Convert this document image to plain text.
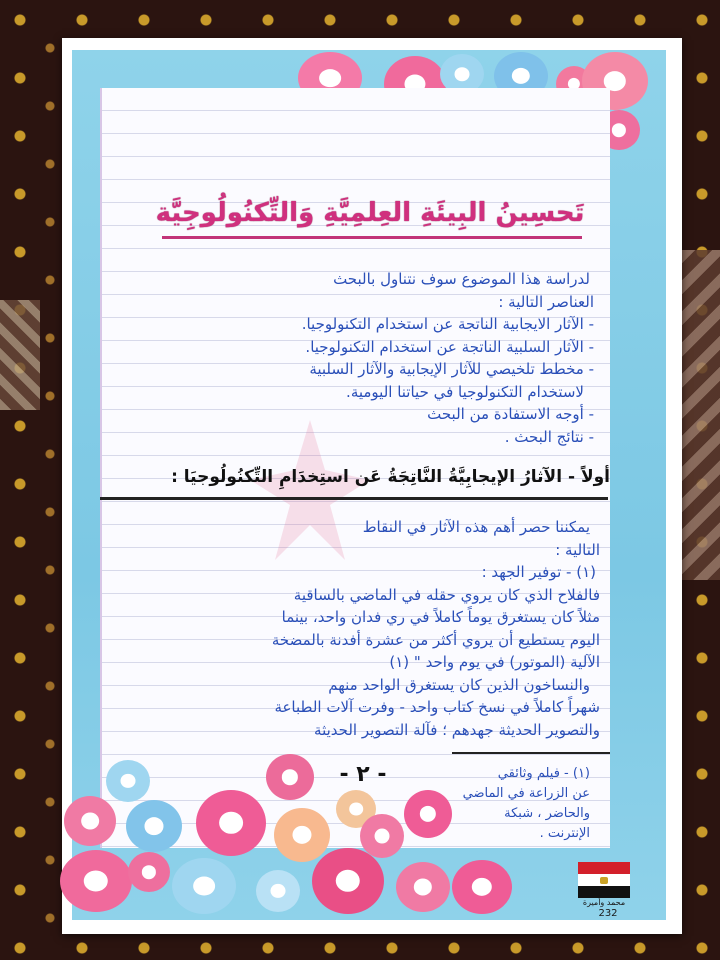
تَحسِينُ البِيئَةِ العِلمِيَّةِ وَالتِّكنُولُوجِيَّة
لدراسة هذا الموضوع سوف نتناول بالبحث
العناصر التالية :
- الآثار الايجابية الناتجة عن استخدام التكنولوجيا.
- الآثار السلبية الناتجة عن استخدام التكنولوجيا.
- مخطط تلخيصي للآثار الإيجابية والآثار السلبية
لاستخدام التكنولوجيا في حياتنا اليومية.
- أوجه الاستفادة من البحث
- نتائج البحث .
أولاً - الآثارُ الإيجابِيَّةُ النَّاتِجَةُ عَن استِخدَامِ التِّكنُولُوجيَا :
يمكننا حصر أهم هذه الآثار في النقاط
التالية :
(١) - توفير الجهد :
فالفلاح الذي كان يروي حقله في الماضي بالساقية
مثلاً كان يستغرق يوماً كاملاً في ري فدان واحد، بينما
اليوم يستطيع أن يروي أكثر من عشرة أفدنة بالمضخة
الآلية (الموتور) في يوم واحد " (١)
والنساخون الذين كان يستغرق الواحد منهم
شهراً كاملاً في نسخ كتاب واحد - وفرت آلات الطباعة
والتصوير الحديثة جهدهم ؛ فآلة التصوير الحديثة
- ٢ -	(١) - فيلم وثائقي
عن الزراعة في الماضي
والحاضر ، شبكة
الإنترنت .
محمد وأميرة
232
